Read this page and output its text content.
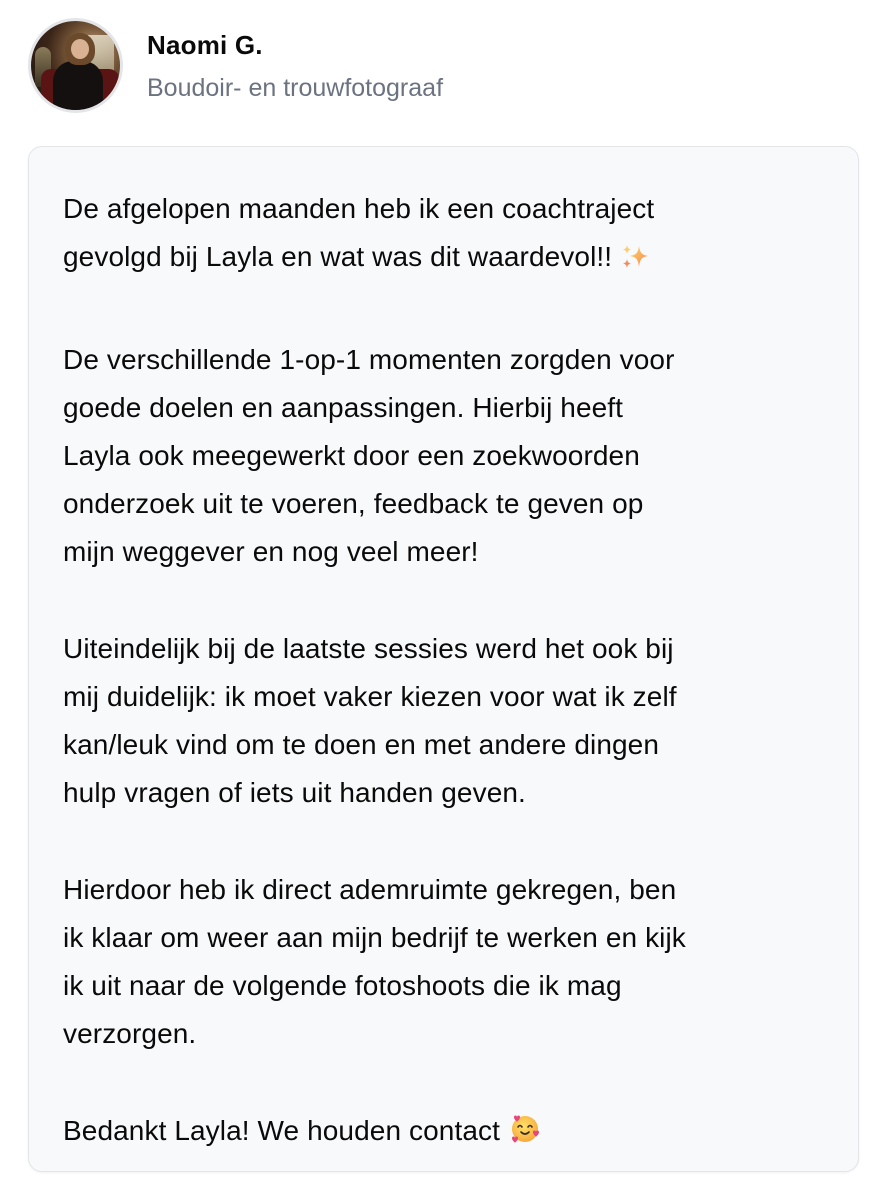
Naomi G.
Boudoir- en trouwfotograaf

De afgelopen maanden heb ik een coachtraject
gevolgd bij Layla en wat was dit waardevol!!

De verschillende 1-op-1 momenten zorgden voor
goede doelen en aanpassingen. Hierbij heeft
Layla ook meegewerkt door een zoekwoorden
onderzoek uit te voeren, feedback te geven op
mijn weggever en nog veel meer!

Uiteindelijk bij de laatste sessies werd het ook bij
mij duidelijk: ik moet vaker kiezen voor wat ik zelf
kan/leuk vind om te doen en met andere dingen
hulp vragen of iets uit handen geven.

Hierdoor heb ik direct ademruimte gekregen, ben
ik klaar om weer aan mijn bedrijf te werken en kijk
ik uit naar de volgende fotoshoots die ik mag
verzorgen.

Bedankt Layla! We houden contact
